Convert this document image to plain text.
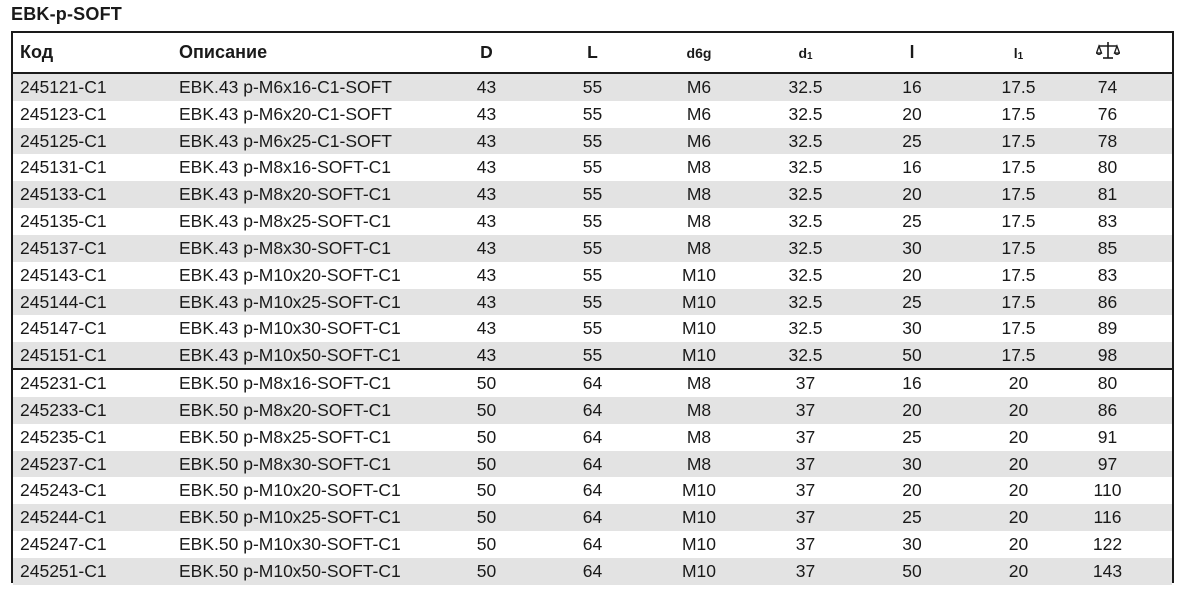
EBK-p-SOFT
Код	Описание	D	L	d6g	$d_1$	l	$l_1$
245121-C1	EBK.43 p-M6x16-C1-SOFT	43	55	M6	32.5	16	17.5	74
245123-C1	EBK.43 p-M6x20-C1-SOFT	43	55	M6	32.5	20	17.5	76
245125-C1	EBK.43 p-M6x25-C1-SOFT	43	55	M6	32.5	25	17.5	78
245131-C1	EBK.43 p-M8x16-SOFT-C1	43	55	M8	32.5	16	17.5	80
245133-C1	EBK.43 p-M8x20-SOFT-C1	43	55	M8	32.5	20	17.5	81
245135-C1	EBK.43 p-M8x25-SOFT-C1	43	55	M8	32.5	25	17.5	83
245137-C1	EBK.43 p-M8x30-SOFT-C1	43	55	M8	32.5	30	17.5	85
245143-C1	EBK.43 p-M10x20-SOFT-C1	43	55	M10	32.5	20	17.5	83
245144-C1	EBK.43 p-M10x25-SOFT-C1	43	55	M10	32.5	25	17.5	86
245147-C1	EBK.43 p-M10x30-SOFT-C1	43	55	M10	32.5	30	17.5	89
245151-C1	EBK.43 p-M10x50-SOFT-C1	43	55	M10	32.5	50	17.5	98
245231-C1	EBK.50 p-M8x16-SOFT-C1	50	64	M8	37	16	20	80
245233-C1	EBK.50 p-M8x20-SOFT-C1	50	64	M8	37	20	20	86
245235-C1	EBK.50 p-M8x25-SOFT-C1	50	64	M8	37	25	20	91
245237-C1	EBK.50 p-M8x30-SOFT-C1	50	64	M8	37	30	20	97
245243-C1	EBK.50 p-M10x20-SOFT-C1	50	64	M10	37	20	20	110
245244-C1	EBK.50 p-M10x25-SOFT-C1	50	64	M10	37	25	20	116
245247-C1	EBK.50 p-M10x30-SOFT-C1	50	64	M10	37	30	20	122
245251-C1	EBK.50 p-M10x50-SOFT-C1	50	64	M10	37	50	20	143
